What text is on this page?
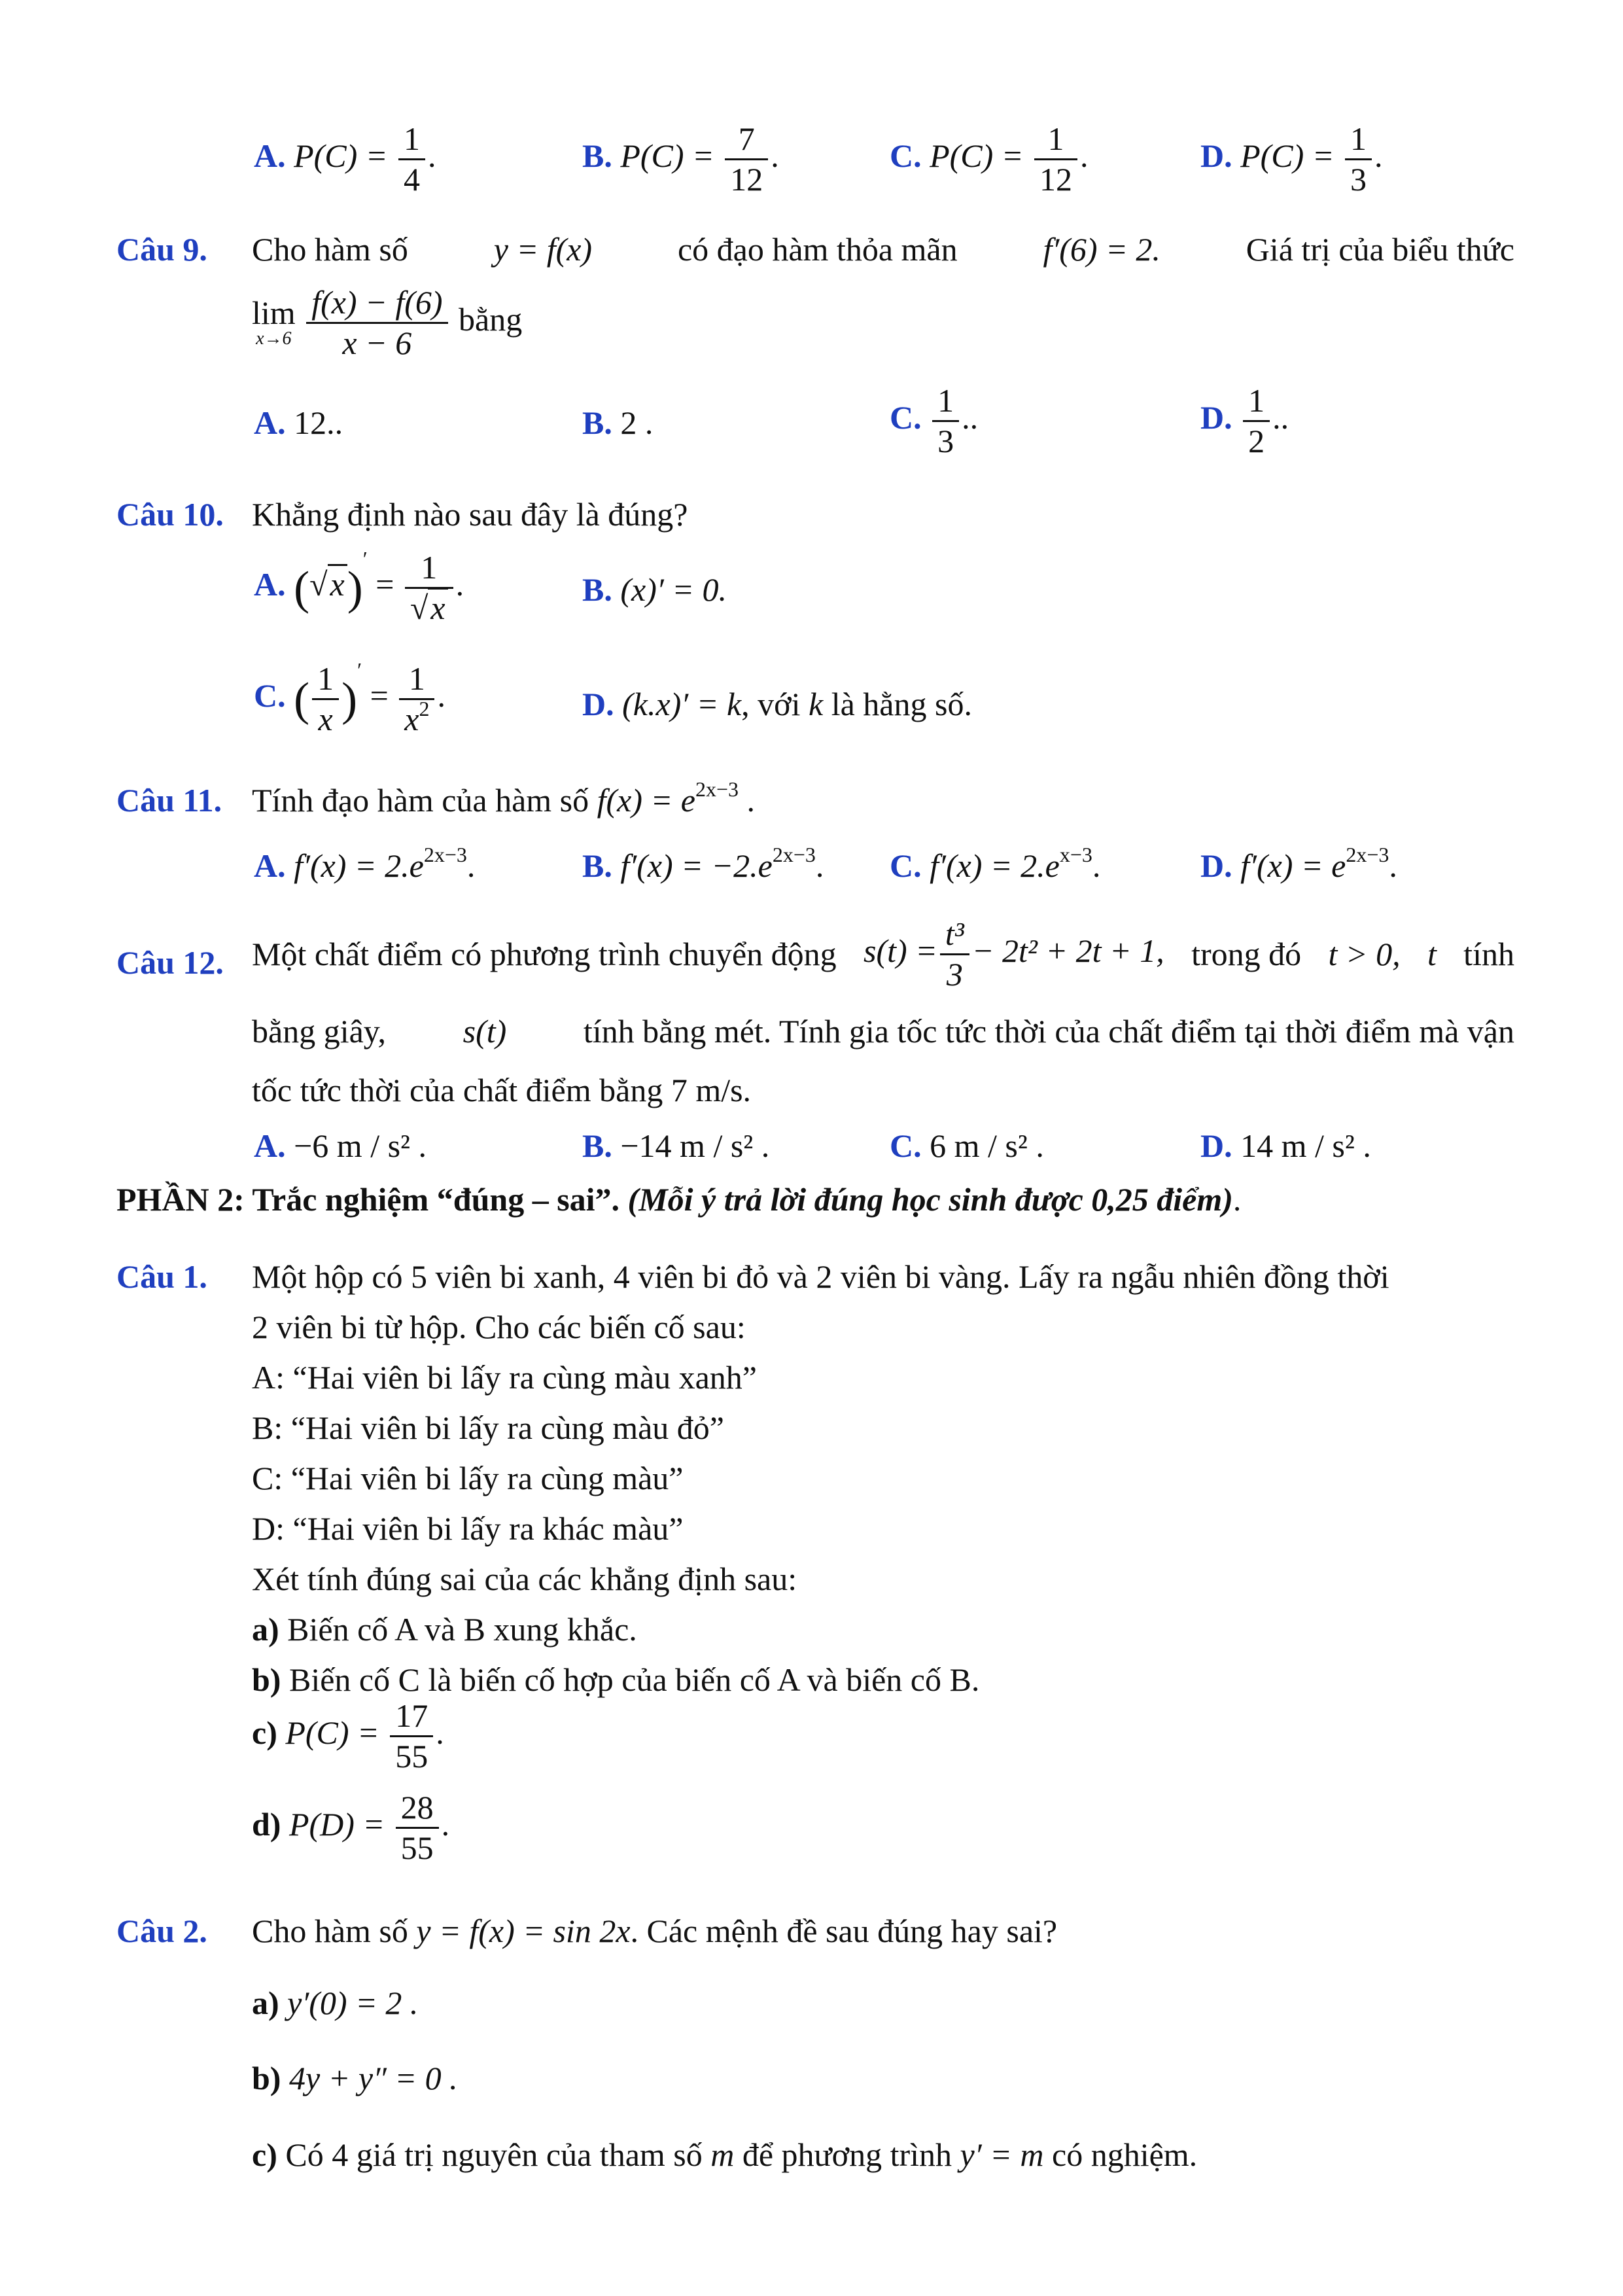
A. $P(C) = \frac{1}{4}$ .	B. $P(C) = \frac{7}{12}$ .	C. $P(C) = \frac{1}{12}$ .	D. $P(C) = \frac{1}{3}$ .
Câu 9. Cho hàm số	y = f(x)	có đạo hàm thỏa mãn	f′(6) = 2.	Giá trị của biểu thức
lim
x→6
$\frac{f(x) - f(6)}{x - 6}$ bằng
A. 12..	B. 2 .	C. $\frac{1}{3}$ ..	D. $\frac{1}{2}$ ..
Câu 10. Khẳng định nào sau đây là đúng?
A. $(√x)' = \frac{1}{√x}$ .	B. (x)′ = 0.
C. ( $\frac{1}{x} )' = \frac{1}{x^2}$ .	D. (k.x)′ = k, với k là hằng số.
Câu 11. Tính đạo hàm của hàm số $f(x) = e^{2x-3}$ .
A. $f'(x) = 2.e^{2x-3}$.	B. $f'(x) = -2.e^{2x-3}$. C. $f'(x) = 2.e^{x-3}$.	D. $f'(x) = e^{2x-3}$.
Câu 12. Một chất điểm có phương trình chuyển động $s(t) = \frac{\text{t³}}{3} - 2t^2 + 2t + 1$, trong đó t > 0, t tính
bằng giây, s(t) tính bằng mét. Tính gia tốc tức thời của chất điểm tại thời điểm mà vận
tốc tức thời của chất điểm bằng 7 m/s.
A. −6 m / s² .	B. −14 m / s² .	C. 6 m / s² .	D. 14 m / s² .
PHẦN 2: Trắc nghiệm “đúng – sai”. (Mỗi ý trả lời đúng học sinh được 0,25 điểm).
Câu 1. Một hộp có 5 viên bi xanh, 4 viên bi đỏ và 2 viên bi vàng. Lấy ra ngẫu nhiên đồng thời
2 viên bi từ hộp. Cho các biến cố sau:
A: “Hai viên bi lấy ra cùng màu xanh”
B: “Hai viên bi lấy ra cùng màu đỏ”
C: “Hai viên bi lấy ra cùng màu”
D: “Hai viên bi lấy ra khác màu”
Xét tính đúng sai của các khẳng định sau:
a) Biến cố A và B xung khắc.
b) Biến cố C là biến cố hợp của biến cố A và biến cố B.
c) $P(C) = \frac{17}{55}$ .
d) $P(D) = \frac{28}{55}$ .
Câu 2. Cho hàm số y = f(x) = sin 2x. Các mệnh đề sau đúng hay sai?
a) y′(0) = 2 .
b) 4y + y″ = 0 .
c) Có 4 giá trị nguyên của tham số m để phương trình y′ = m có nghiệm.
